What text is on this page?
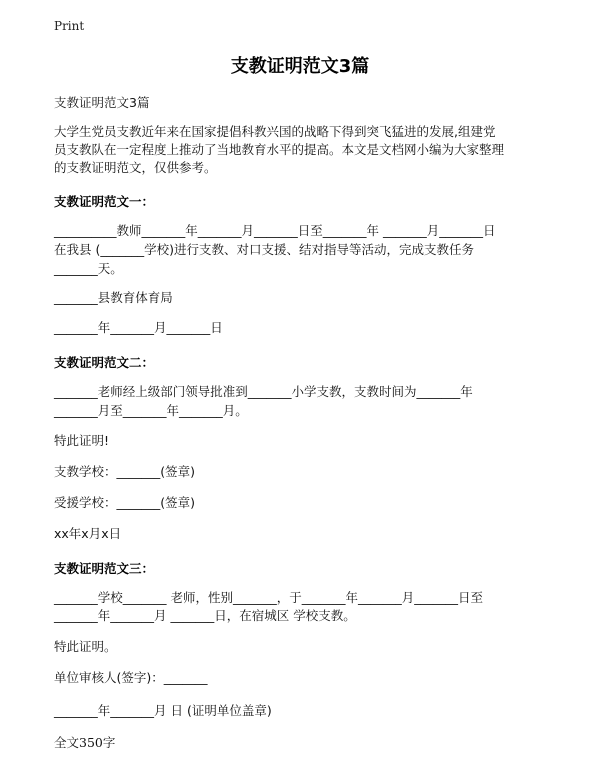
Print
支教证明范文3篇
支教证明范文3篇
大学生党员支教近年来在国家提倡科教兴国的战略下得到突飞猛进的发展,组建党
员支教队在一定程度上推动了当地教育水平的提高。本文是文档网小编为大家整理
的支教证明范文，仅供参考。
支教证明范文一：
__________教师_______年_______月_______日至_______年 _______月_______日
在我县 (_______学校)进行支教、对口支援、结对指导等活动，完成支教任务
_______天。
_______县教育体育局
_______年_______月_______日
支教证明范文二：
_______老师经上级部门领导批准到_______小学支教，支教时间为_______年
_______月至_______年_______月。
特此证明!
支教学校：_______(签章)
受援学校：_______(签章)
xx年x月x日
支教证明范文三：
_______学校_______ 老师，性别_______，于_______年_______月_______日至
_______年_______月 _______日，在宿城区 学校支教。
特此证明。
单位审核人(签字)：_______
_______年_______月 日 (证明单位盖章)
全文350字
